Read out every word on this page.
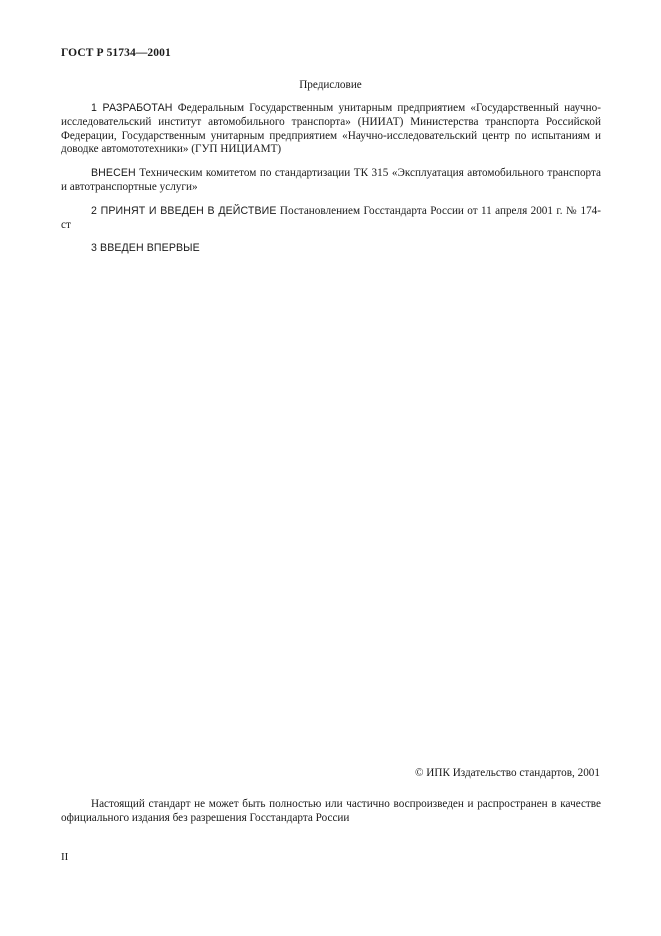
ГОСТ Р 51734—2001
Предисловие

1 РАЗРАБОТАН Федеральным Государственным унитарным предприятием «Государственный научно-исследовательский институт автомобильного транспорта» (НИИАТ) Министерства транспорта Российской Федерации, Государственным унитарным предприятием «Научно-исследовательский центр по испытаниям и доводке автомототехники» (ГУП НИЦИАМТ)

ВНЕСЕН Техническим комитетом по стандартизации ТК 315 «Эксплуатация автомобильного транспорта и автотранспортные услуги»

2 ПРИНЯТ И ВВЕДЕН В ДЕЙСТВИЕ Постановлением Госстандарта России от 11 апреля 2001 г. № 174-ст

3 ВВЕДЕН ВПЕРВЫЕ

© ИПК Издательство стандартов, 2001

Настоящий стандарт не может быть полностью или частично воспроизведен и распространен в качестве официального издания без разрешения Госстандарта России

II
